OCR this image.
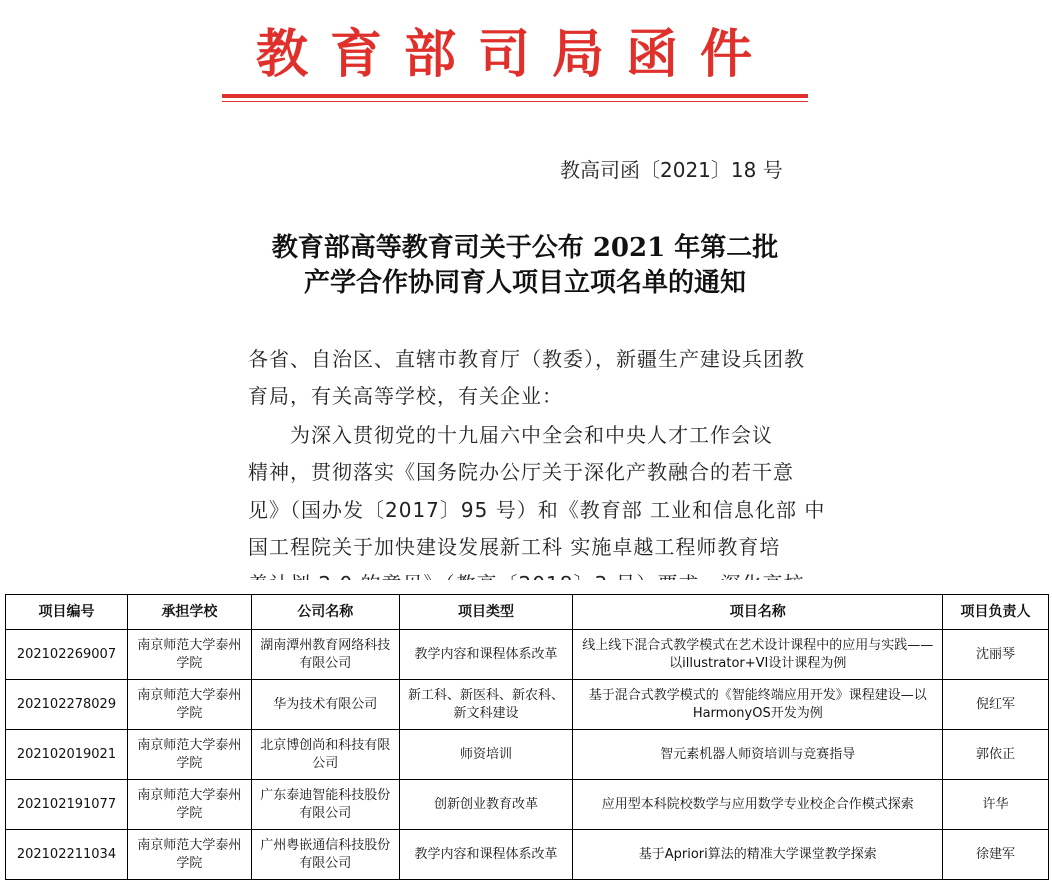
教育部司局函件
教高司函〔2021〕18 号
教育部高等教育司关于公布 2021 年第二批
产学合作协同育人项目立项名单的通知
各省、自治区、直辖市教育厅（教委），新疆生产建设兵团教
育局，有关高等学校，有关企业：
为深入贯彻党的十九届六中全会和中央人才工作会议
精神，贯彻落实《国务院办公厅关于深化产教融合的若干意
见》（国办发〔2017〕95 号）和《教育部 工业和信息化部 中
国工程院关于加快建设发展新工科 实施卓越工程师教育培
项目编号	承担学校	公司名称	项目类型	项目名称	项目负责人
202102269007	南京师范大学泰州学院	湖南潭州教育网络科技有限公司	教学内容和课程体系改革	线上线下混合式教学模式在艺术设计课程中的应用与实践——以illustrator+VI设计课程为例	沈丽琴
202102278029	南京师范大学泰州学院	华为技术有限公司	新工科、新医科、新农科、新文科建设	基于混合式教学模式的《智能终端应用开发》课程建设—以HarmonyOS开发为例	倪红军
202102019021	南京师范大学泰州学院	北京博创尚和科技有限公司	师资培训	智元素机器人师资培训与竞赛指导	郭依正
202102191077	南京师范大学泰州学院	广东泰迪智能科技股份有限公司	创新创业教育改革	应用型本科院校数学与应用数学专业校企合作模式探索	许华
202102211034	南京师范大学泰州学院	广州粤嵌通信科技股份有限公司	教学内容和课程体系改革	基于Apriori算法的精准大学课堂教学探索	徐建军
